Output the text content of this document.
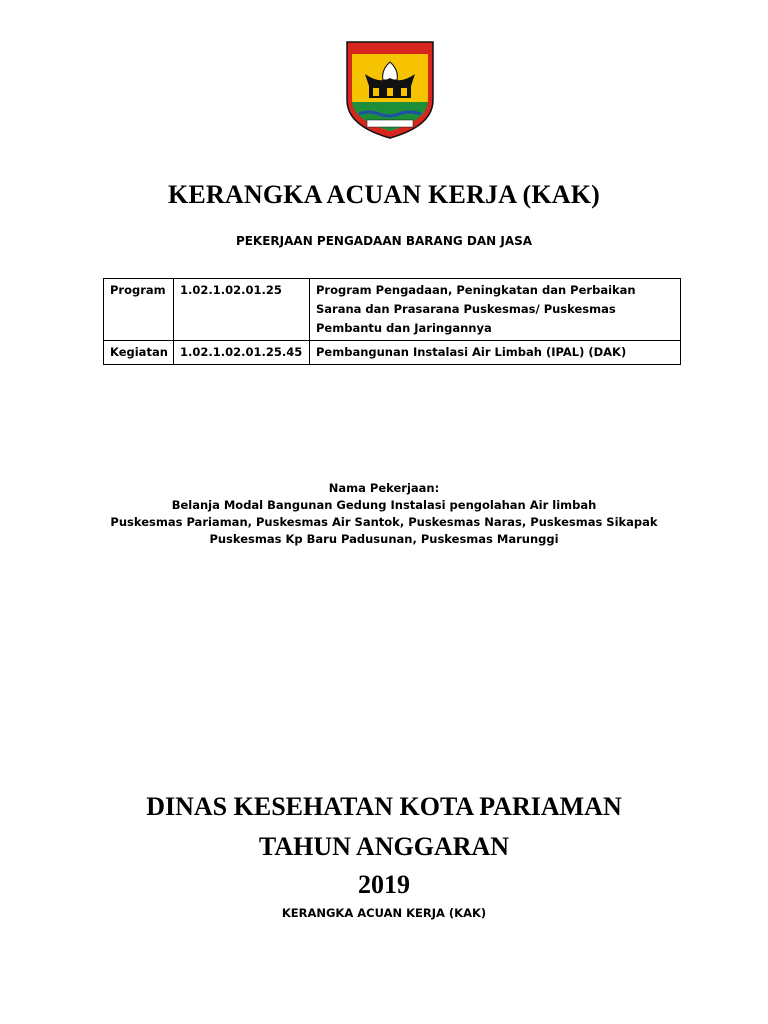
KERANGKA ACUAN KERJA (KAK)
PEKERJAAN PENGADAAN BARANG DAN JASA
Program	1.02.1.02.01.25	Program Pengadaan, Peningkatan dan Perbaikan Sarana dan Prasarana Puskesmas/ Puskesmas Pembantu dan Jaringannya
Kegiatan	1.02.1.02.01.25.45	Pembangunan Instalasi Air Limbah (IPAL) (DAK)
Nama Pekerjaan:
Belanja Modal Bangunan Gedung Instalasi pengolahan Air limbah
Puskesmas Pariaman, Puskesmas Air Santok, Puskesmas Naras, Puskesmas Sikapak
Puskesmas Kp Baru Padusunan, Puskesmas Marunggi
DINAS KESEHATAN KOTA PARIAMAN
TAHUN ANGGARAN
2019
KERANGKA ACUAN KERJA (KAK)
